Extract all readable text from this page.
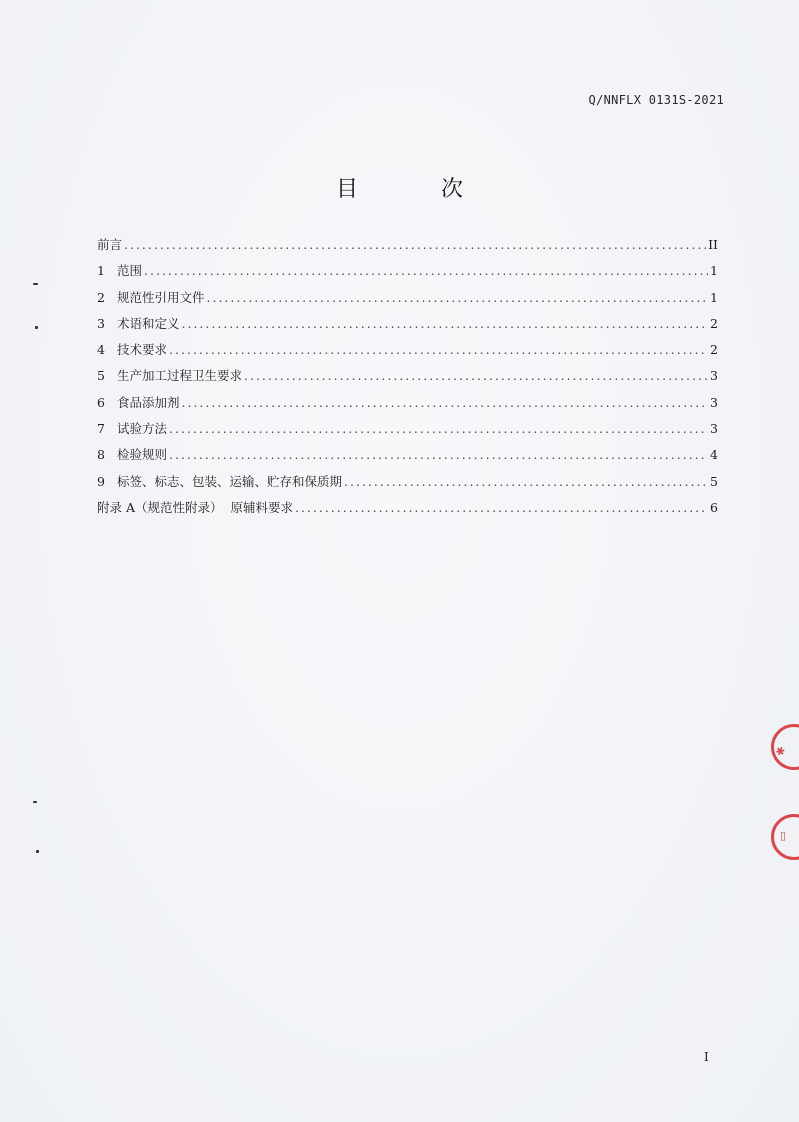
Q/NNFLX 0131S-2021
目 次
前言 .....	II
1 范围 .....	1
2 规范性引用文件 .....	1
3 术语和定义 .....	2
4 技术要求 .....	2
5 生产加工过程卫生要求 .....	3
6 食品添加剂 .....	3
7 试验方法 .....	3
8 检验规则 .....	4
9 标签、标志、包装、运输、贮存和保质期 .....	5
附录 A（规范性附录）  原辅料要求 .....	6
I
✱
▯
